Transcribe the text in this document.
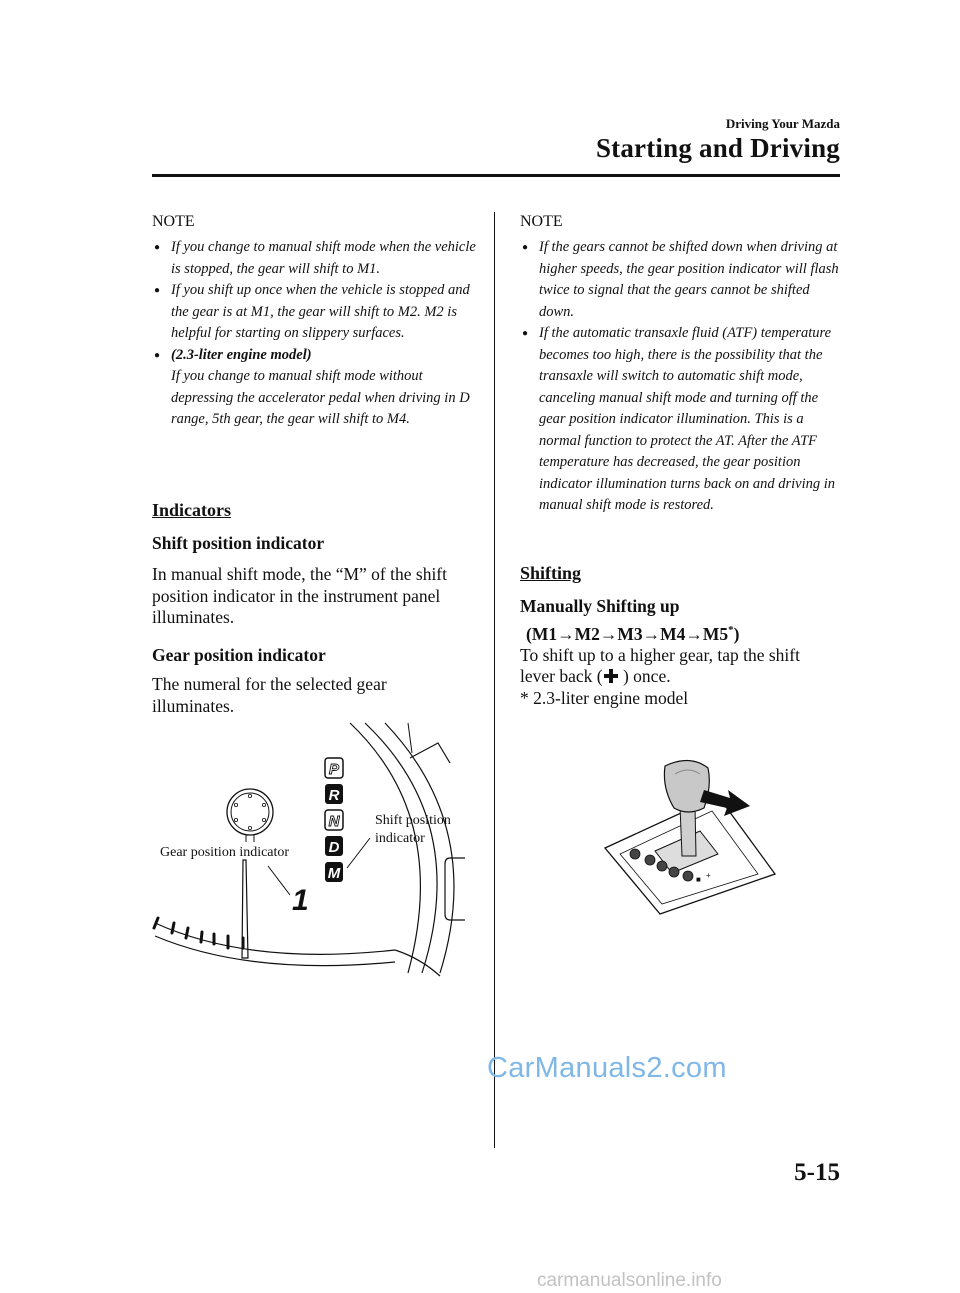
Driving Your Mazda
Starting and Driving
NOTE
● If you change to manual shift mode when the vehicle is stopped, the gear will shift to M1.
● If you shift up once when the vehicle is stopped and the gear is at M1, the gear will shift to M2. M2 is helpful for starting on slippery surfaces.
● (2.3-liter engine model)
If you change to manual shift mode without depressing the accelerator pedal when driving in D range, 5th gear, the gear will shift to M4.
Indicators
Shift position indicator
In manual shift mode, the “M” of the shift position indicator in the instrument panel illuminates.
Gear position indicator
The numeral for the selected gear illuminates.
1
P
R
N
D
M
Gear position indicator
Shift position indicator
NOTE
● If the gears cannot be shifted down when driving at higher speeds, the gear position indicator will flash twice to signal that the gears cannot be shifted down.
● If the automatic transaxle fluid (ATF) temperature becomes too high, there is the possibility that the transaxle will switch to automatic shift mode, canceling manual shift mode and turning off the gear position indicator illumination. This is a normal function to protect the AT. After the ATF temperature has decreased, the gear position indicator illumination turns back on and driving in manual shift mode is restored.
Shifting
Manually Shifting up
(M1→M2→M3→M4→M5*)
To shift up to a higher gear, tap the shift
lever back ( ) once.
* 2.3-liter engine model
+
■
5-15
CarManuals2.com
carmanualsonline.info
